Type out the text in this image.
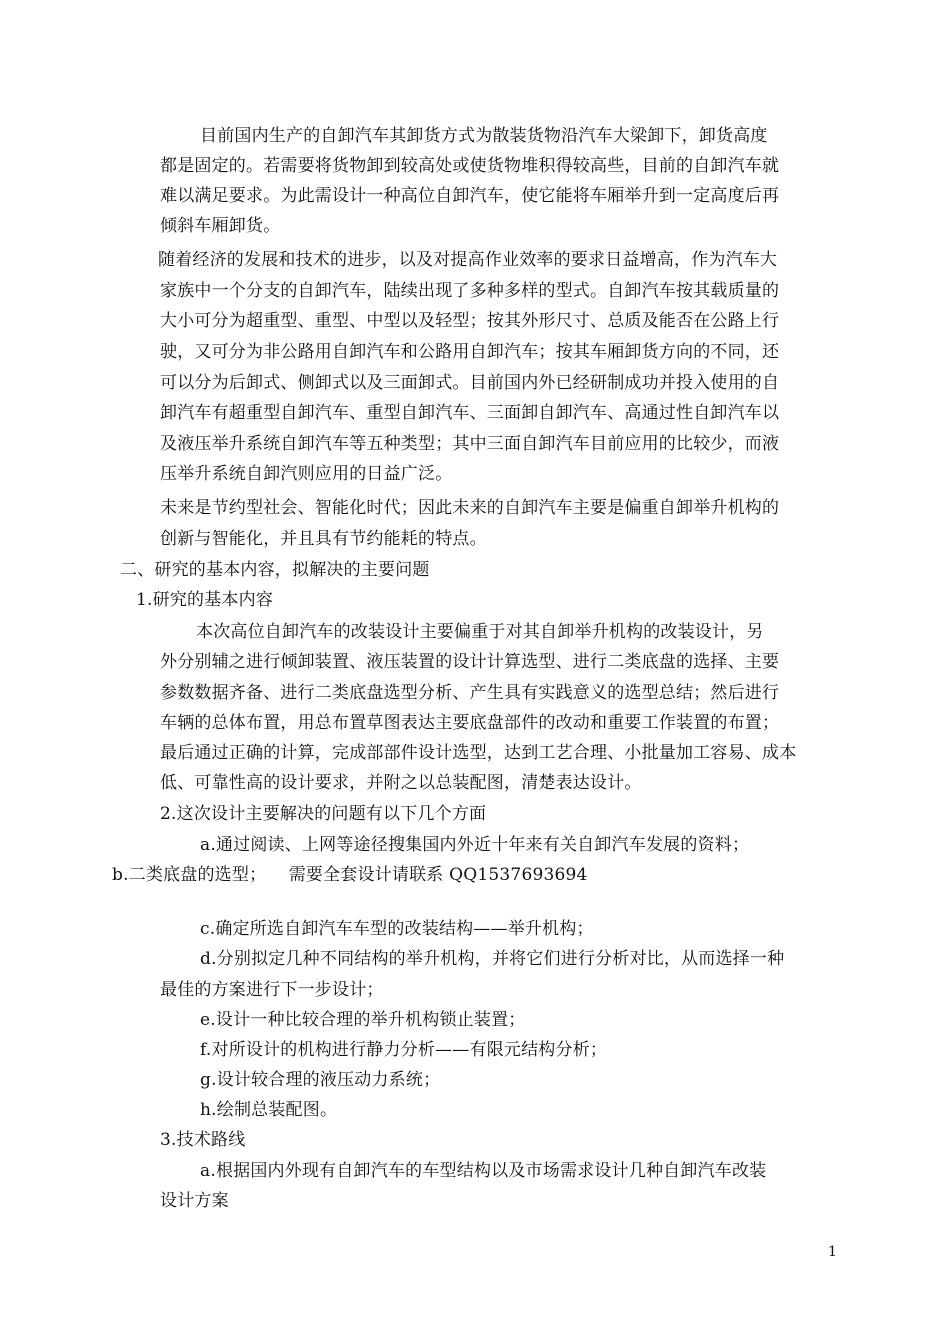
目前国内生产的自卸汽车其卸货方式为散装货物沿汽车大梁卸下，卸货高度

都是固定的。若需要将货物卸到较高处或使货物堆积得较高些，目前的自卸汽车就

难以满足要求。为此需设计一种高位自卸汽车，使它能将车厢举升到一定高度后再

倾斜车厢卸货。

随着经济的发展和技术的进步，以及对提高作业效率的要求日益增高，作为汽车大

家族中一个分支的自卸汽车，陆续出现了多种多样的型式。自卸汽车按其载质量的

大小可分为超重型、重型、中型以及轻型；按其外形尺寸、总质及能否在公路上行

驶，又可分为非公路用自卸汽车和公路用自卸汽车；按其车厢卸货方向的不同，还

可以分为后卸式、侧卸式以及三面卸式。目前国内外已经研制成功并投入使用的自

卸汽车有超重型自卸汽车、重型自卸汽车、三面卸自卸汽车、高通过性自卸汽车以

及液压举升系统自卸汽车等五种类型；其中三面自卸汽车目前应用的比较少，而液

压举升系统自卸汽则应用的日益广泛。

未来是节约型社会、智能化时代；因此未来的自卸汽车主要是偏重自卸举升机构的

创新与智能化，并且具有节约能耗的特点。

二、研究的基本内容，拟解决的主要问题

1.研究的基本内容

本次高位自卸汽车的改装设计主要偏重于对其自卸举升机构的改装设计，另

外分别辅之进行倾卸装置、液压装置的设计计算选型、进行二类底盘的选择、主要

参数数据齐备、进行二类底盘选型分析、产生具有实践意义的选型总结；然后进行

车辆的总体布置，用总布置草图表达主要底盘部件的改动和重要工作装置的布置；

最后通过正确的计算，完成部部件设计选型，达到工艺合理、小批量加工容易、成本

低、可靠性高的设计要求，并附之以总装配图，清楚表达设计。

2.这次设计主要解决的问题有以下几个方面

a.通过阅读、上网等途径搜集国内外近十年来有关自卸汽车发展的资料；

b.二类底盘的选型；    需要全套设计请联系 QQ1537693694

c.确定所选自卸汽车车型的改装结构——举升机构；

d.分别拟定几种不同结构的举升机构，并将它们进行分析对比，从而选择一种

最佳的方案进行下一步设计；

e.设计一种比较合理的举升机构锁止装置；

f.对所设计的机构进行静力分析——有限元结构分析；

g.设计较合理的液压动力系统；

h.绘制总装配图。

3.技术路线

a.根据国内外现有自卸汽车的车型结构以及市场需求设计几种自卸汽车改装

设计方案

1
